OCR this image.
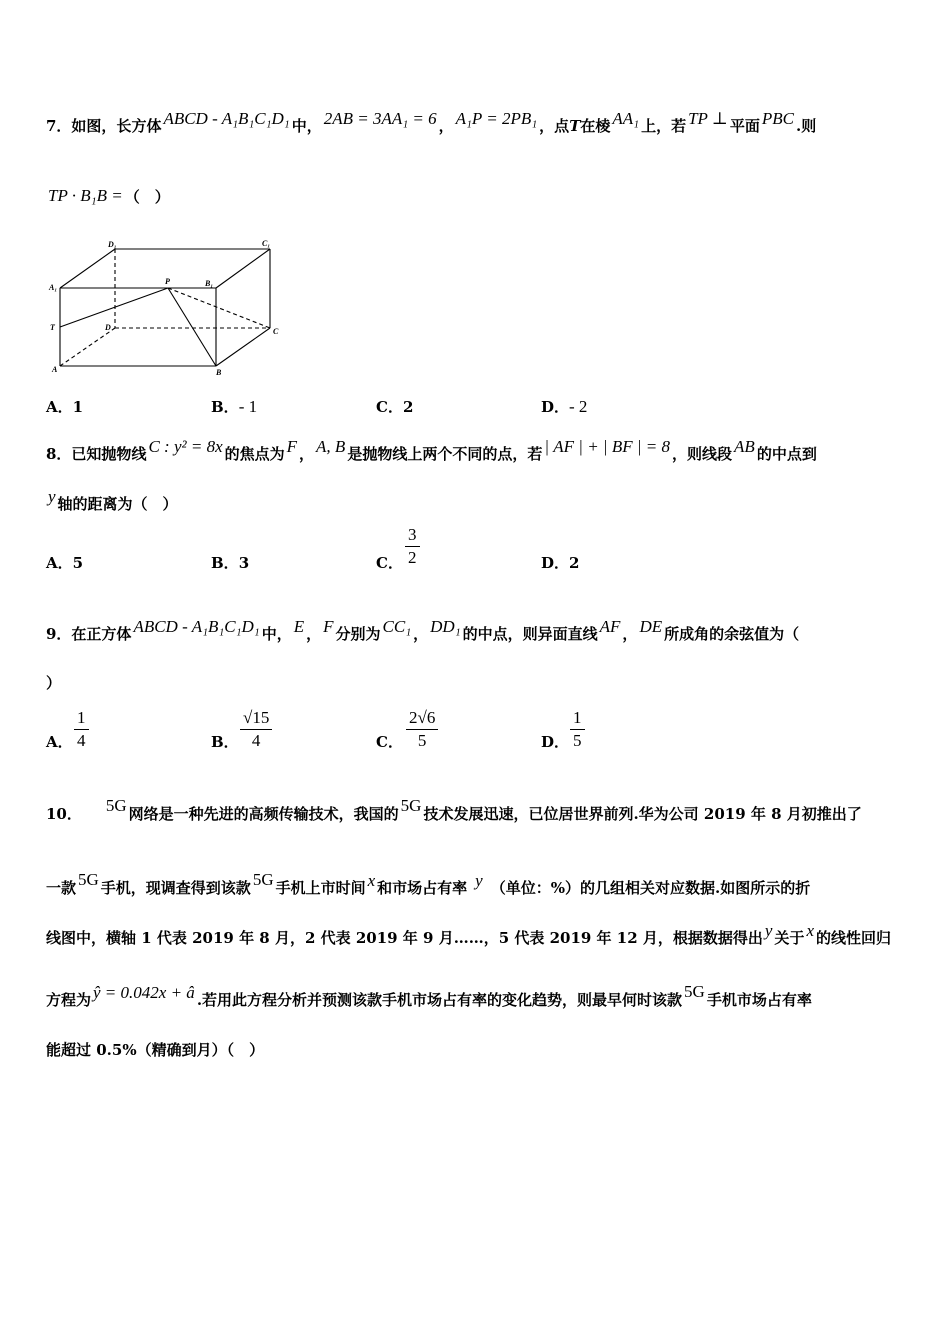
7．如图，长方体 ABCD - A₁B₁C₁D₁ 中， 2AB = 3AA₁ = 6 ， A₁P = 2PB₁ ，点T在棱 AA₁ 上，若 TP ⊥ 平面 PBC .则
TP · B₁B = （　）
D₁	C₁
A₁
P	B₁
T	D	C
A	B
A．1	B．- 1	C．2	D．- 2
8．已知抛物线 C : y² = 8x 的焦点为 F ， A, B 是抛物线上两个不同的点，若 | AF | + | BF | = 8 ，则线段 AB 的中点到
y 轴的距离为（　）
A．5	B．3	C． $\frac{3}{2}$	D．2
9．在正方体 ABCD - A₁B₁C₁D₁ 中， E ， F 分别为 CC₁ ， DD₁ 的中点，则异面直线 AF ， DE 所成角的余弦值为（
）
A． $\frac{1}{4}$	B． $\frac{√15}{4}$	C． $\frac{2√6}{5}$	D． $\frac{1}{5}$
10． 5G 网络是一种先进的高频传输技术，我国的 5G 技术发展迅速，已位居世界前列.华为公司 2019 年 8 月初推出了
一款 5G 手机，现调查得到该款 5G 手机上市时间 x 和市场占有率 y （单位：%）的几组相关对应数据.如图所示的折
线图中，横轴 1 代表 2019 年 8 月，2 代表 2019 年 9 月……，5 代表 2019 年 12 月，根据数据得出 y 关于 x 的线性回归
方程为 ŷ = 0.042x + â .若用此方程分析并预测该款手机市场占有率的变化趋势，则最早何时该款 5G 手机市场占有率
能超过 0.5%（精确到月）（　）
